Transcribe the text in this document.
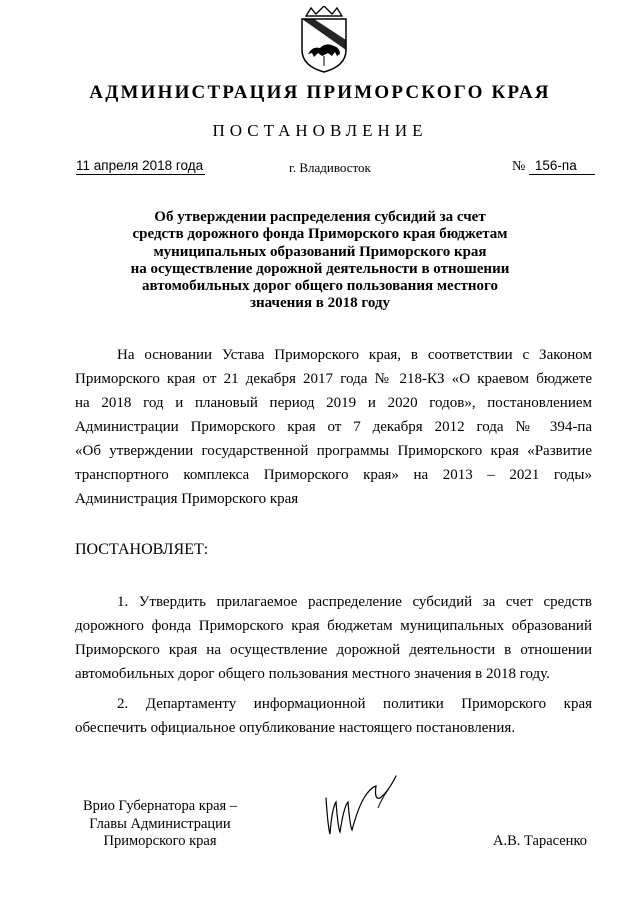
АДМИНИСТРАЦИЯ ПРИМОРСКОГО КРАЯ
ПОСТАНОВЛЕНИЕ
11 апреля 2018 года	г. Владивосток	№ 156-па
Об утверждении распределения субсидий за счет
средств дорожного фонда Приморского края бюджетам
муниципальных образований Приморского края
на осуществление дорожной деятельности в отношении
автомобильных дорог общего пользования местного
значения в 2018 году
На основании Устава Приморского края, в соответствии с Законом
Приморского края от 21 декабря 2017 года № 218-КЗ «О краевом бюджете
на 2018 год и плановый период 2019 и 2020 годов», постановлением
Администрации Приморского края от 7 декабря 2012 года № 394-па
«Об утверждении государственной программы Приморского края «Развитие
транспортного комплекса Приморского края» на 2013 – 2021 годы»
Администрация Приморского края
ПОСТАНОВЛЯЕТ:
1. Утвердить прилагаемое распределение субсидий за счет средств
дорожного фонда Приморского края бюджетам муниципальных образований
Приморского края на осуществление дорожной деятельности в отношении
автомобильных дорог общего пользования местного значения в 2018 году.
2. Департаменту информационной политики Приморского края
обеспечить официальное опубликование настоящего постановления.
Врио Губернатора края –
Главы Администрации
Приморского края	А.В. Тарасенко
